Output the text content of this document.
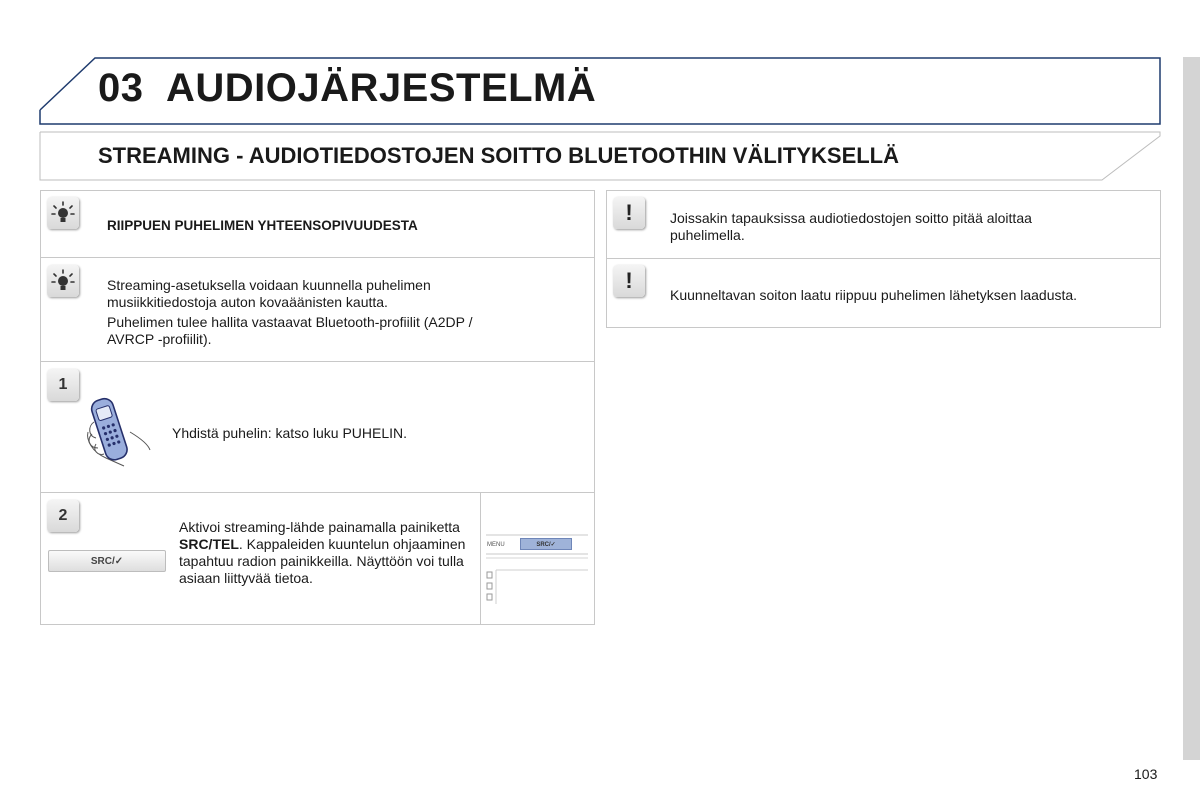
03 AUDIOJÄRJESTELMÄ
STREAMING - AUDIOTIEDOSTOJEN SOITTO BLUETOOTHIN VÄLITYKSELLÄ
RIIPPUEN PUHELIMEN YHTEENSOPIVUUDESTA
Streaming-asetuksella voidaan kuunnella puhelimen musiikkitiedostoja auton kovaäänisten kautta.
Puhelimen tulee hallita vastaavat Bluetooth-profiilit (A2DP / AVRCP -profiilit).
1
Yhdistä puhelin: katso luku PUHELIN.
2
SRC/✓
Aktivoi streaming-lähde painamalla painiketta SRC/TEL. Kappaleiden kuuntelun ohjaaminen tapahtuu radion painikkeilla. Näyttöön voi tulla asiaan liittyvää tietoa.
MENU	SRC/✓
!	Joissakin tapauksissa audiotiedostojen soitto pitää aloittaa puhelimella.
!
Kuunneltavan soiton laatu riippuu puhelimen lähetyksen laadusta.
103
